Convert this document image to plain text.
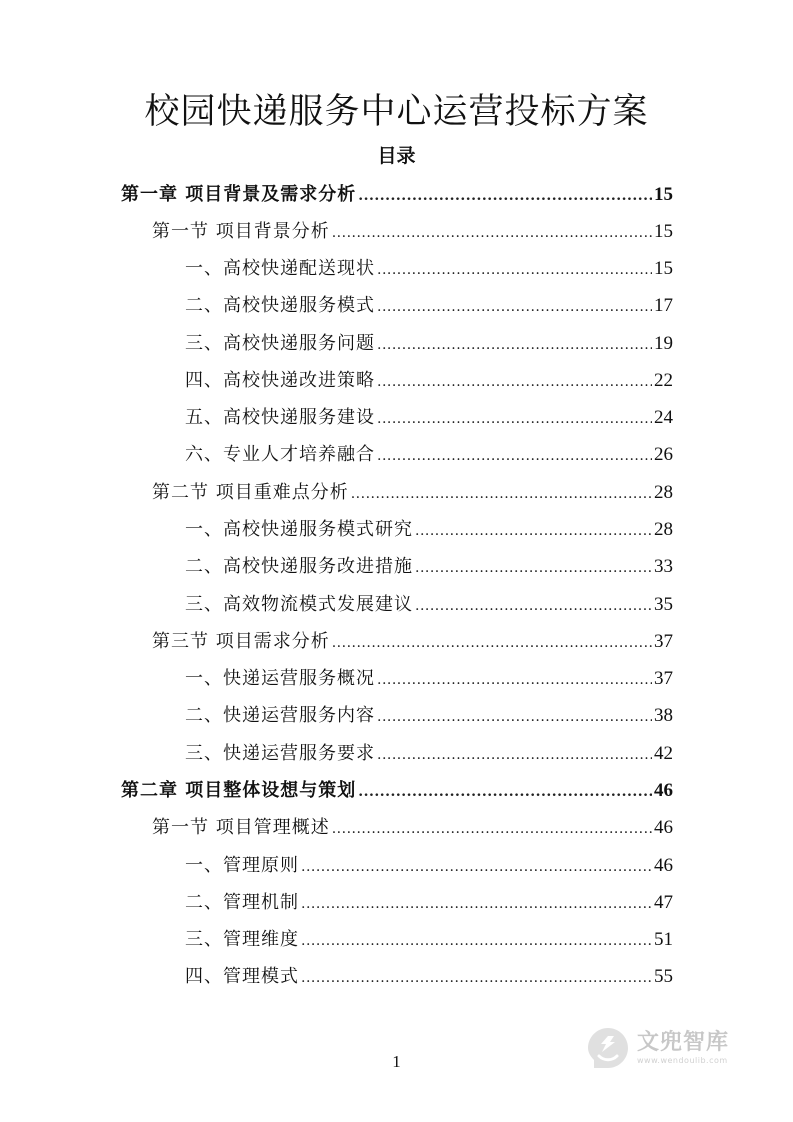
校园快递服务中心运营投标方案
目录
第一章 项目背景及需求分析 .....	15
第一节 项目背景分析 .....	15
一、高校快递配送现状 .....	15
二、高校快递服务模式 .....	17
三、高校快递服务问题 .....	19
四、高校快递改进策略 .....	22
五、高校快递服务建设 .....	24
六、专业人才培养融合 .....	26
第二节 项目重难点分析 .....	28
一、高校快递服务模式研究 .....	28
二、高校快递服务改进措施 .....	33
三、高效物流模式发展建议 .....	35
第三节 项目需求分析 .....	37
一、快递运营服务概况 .....	37
二、快递运营服务内容 .....	38
三、快递运营服务要求 .....	42
第二章 项目整体设想与策划 .....	46
第一节 项目管理概述 .....	46
一、管理原则 .....	46
二、管理机制 .....	47
三、管理维度 .....	51
四、管理模式 .....	55
文兜智库
www.wendoulib.com
1
